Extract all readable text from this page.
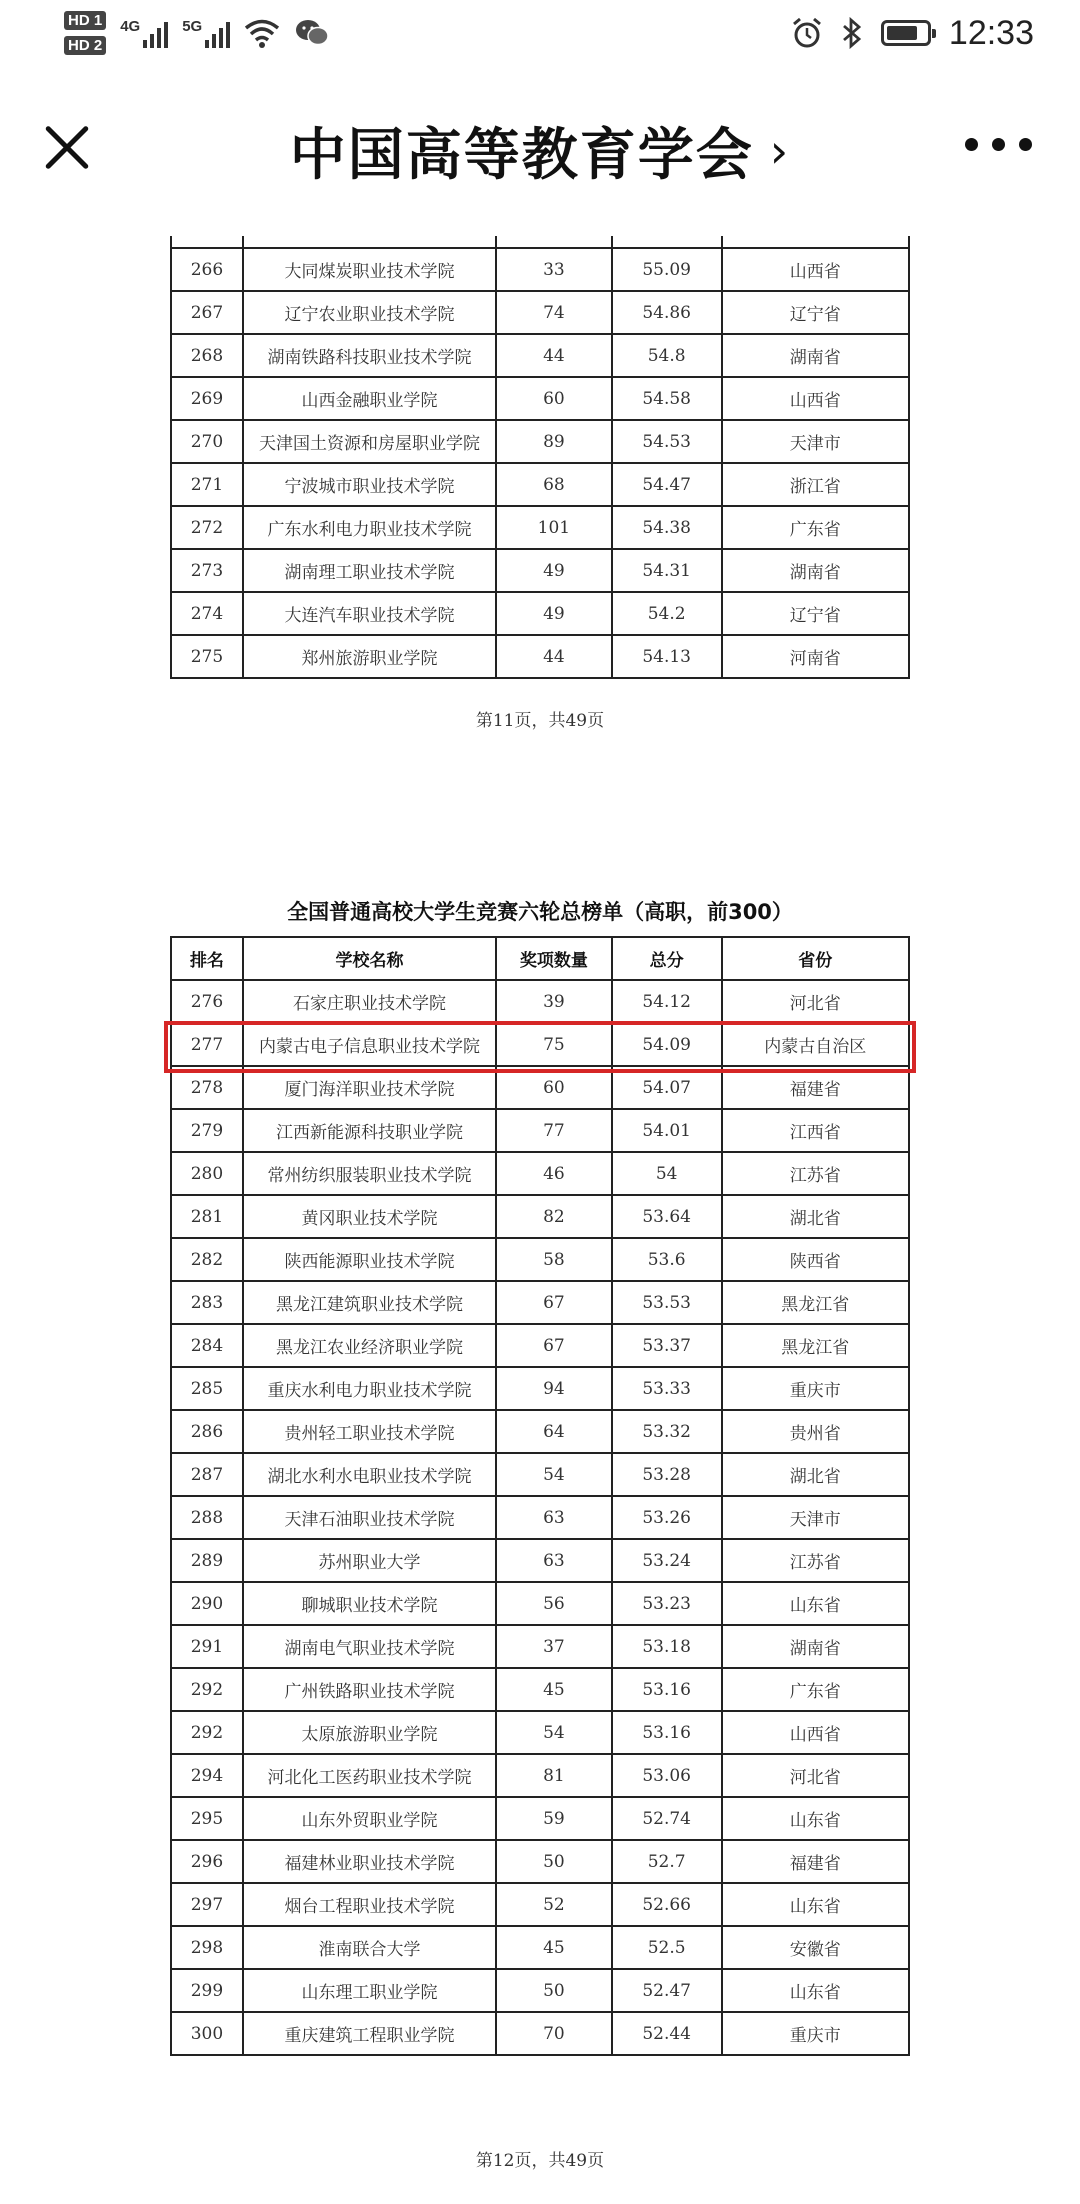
HD 1
HD 2
4G	5G	12:33
中国高等教育学会 ›

266	大同煤炭职业技术学院	33	55.09	山西省
267	辽宁农业职业技术学院	74	54.86	辽宁省
268	湖南铁路科技职业技术学院	44	54.8	湖南省
269	山西金融职业学院	60	54.58	山西省
270	天津国土资源和房屋职业学院	89	54.53	天津市
271	宁波城市职业技术学院	68	54.47	浙江省
272	广东水利电力职业技术学院	101	54.38	广东省
273	湖南理工职业技术学院	49	54.31	湖南省
274	大连汽车职业技术学院	49	54.2	辽宁省
275	郑州旅游职业学院	44	54.13	河南省
第11页，共49页
全国普通高校大学生竞赛六轮总榜单（高职，前300）
排名	学校名称	奖项数量	总分	省份
276	石家庄职业技术学院	39	54.12	河北省
277	内蒙古电子信息职业技术学院	75	54.09	内蒙古自治区
278	厦门海洋职业技术学院	60	54.07	福建省
279	江西新能源科技职业学院	77	54.01	江西省
280	常州纺织服装职业技术学院	46	54	江苏省
281	黄冈职业技术学院	82	53.64	湖北省
282	陕西能源职业技术学院	58	53.6	陕西省
283	黑龙江建筑职业技术学院	67	53.53	黑龙江省
284	黑龙江农业经济职业学院	67	53.37	黑龙江省
285	重庆水利电力职业技术学院	94	53.33	重庆市
286	贵州轻工职业技术学院	64	53.32	贵州省
287	湖北水利水电职业技术学院	54	53.28	湖北省
288	天津石油职业技术学院	63	53.26	天津市
289	苏州职业大学	63	53.24	江苏省
290	聊城职业技术学院	56	53.23	山东省
291	湖南电气职业技术学院	37	53.18	湖南省
292	广州铁路职业技术学院	45	53.16	广东省
292	太原旅游职业学院	54	53.16	山西省
294	河北化工医药职业技术学院	81	53.06	河北省
295	山东外贸职业学院	59	52.74	山东省
296	福建林业职业技术学院	50	52.7	福建省
297	烟台工程职业技术学院	52	52.66	山东省
298	淮南联合大学	45	52.5	安徽省
299	山东理工职业学院	50	52.47	山东省
300	重庆建筑工程职业学院	70	52.44	重庆市
第12页，共49页
